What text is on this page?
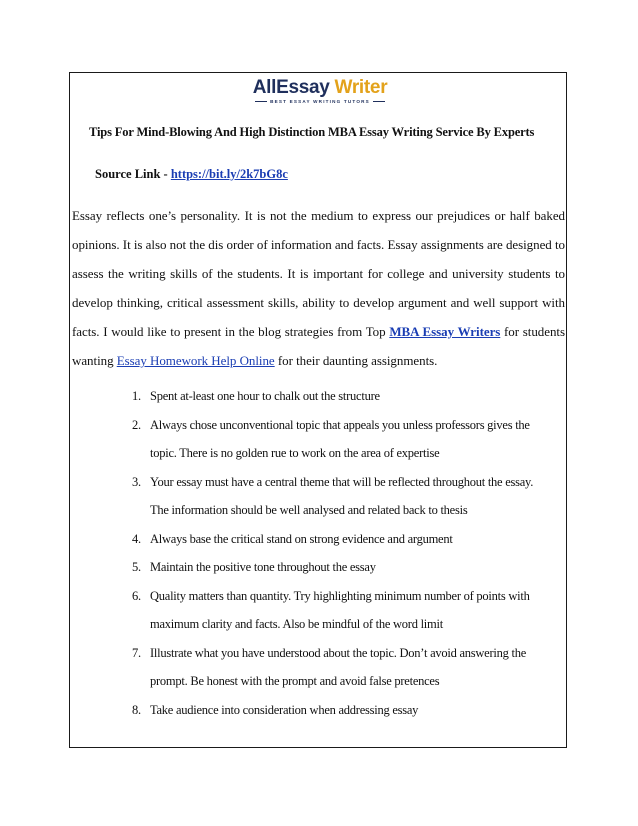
AllEssay Writer
BEST ESSAY WRITING TUTORS
Tips For Mind-Blowing And High Distinction MBA Essay Writing Service By Experts
Source Link - https://bit.ly/2k7bG8c
Essay reflects one’s personality. It is not the medium to express our prejudices or half baked
opinions. It is also not the dis order of information and facts. Essay assignments are designed to
assess the writing skills of the students. It is important for college and university students to
develop thinking, critical assessment skills, ability to develop argument and well support with
facts. I would like to present in the blog strategies from Top MBA Essay Writers for students
wanting Essay Homework Help Online for their daunting assignments.
1. Spent at-least one hour to chalk out the structure
2. Always chose unconventional topic that appeals you unless professors gives the
topic. There is no golden rue to work on the area of expertise
3. Your essay must have a central theme that will be reflected throughout the essay.
The information should be well analysed and related back to thesis
4. Always base the critical stand on strong evidence and argument
5. Maintain the positive tone throughout the essay
6. Quality matters than quantity. Try highlighting minimum number of points with
maximum clarity and facts. Also be mindful of the word limit
7. Illustrate what you have understood about the topic. Don’t avoid answering the
prompt. Be honest with the prompt and avoid false pretences
8. Take audience into consideration when addressing essay
